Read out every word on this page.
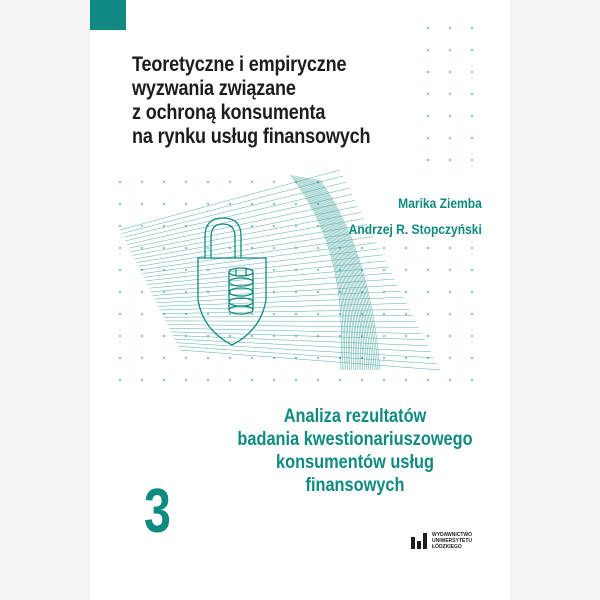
Teoretyczne i empiryczne
wyzwania związane
z ochroną konsumenta
na rynku usług finansowych
Marika Ziemba
Andrzej R. Stopczyński
Analiza rezultatów
badania kwestionariuszowego
konsumentów usług
finansowych
3	WYDAWNICTWO
UNIWERSYTETU
ŁÓDZKIEGO
